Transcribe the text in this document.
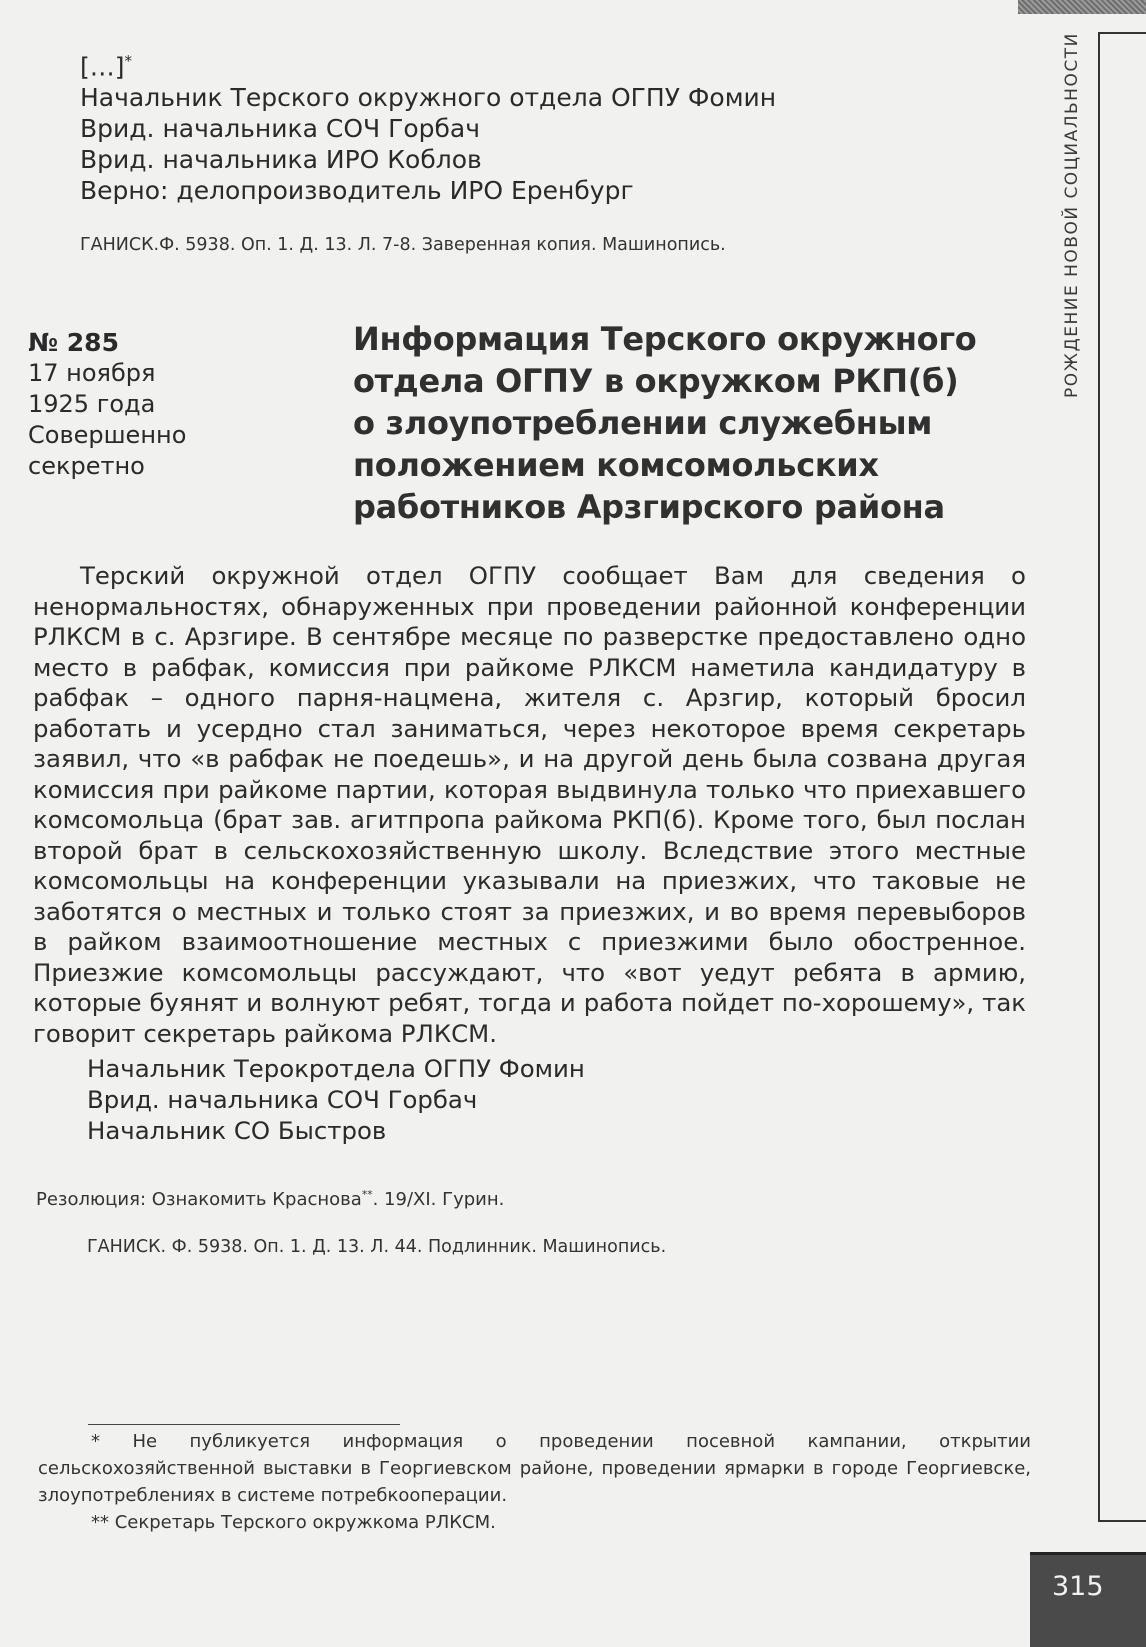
РОЖДЕНИЕ НОВОЙ СОЦИАЛЬНОСТИ
315
[…]*
Начальник Терского окружного отдела ОГПУ Фомин
Врид. начальника СОЧ Горбач
Врид. начальника ИРО Коблов
Верно: делопроизводитель ИРО Еренбург
ГАНИСК.Ф. 5938. Оп. 1. Д. 13. Л. 7-8. Заверенная копия. Машинопись.
№ 285
17 ноября
1925 года
Совершенно
секретно
Информация Терского окружного
отдела ОГПУ в окружком РКП(б)
о злоупотреблении служебным
положением комсомольских
работников Арзгирского района

Терский окружной отдел ОГПУ сообщает Вам для сведения о ненормальностях, обнаруженных при проведении районной конференции РЛКСМ в с. Арзгире. В сентябре месяце по разверстке предоставлено одно место в рабфак, комиссия при райкоме РЛКСМ наметила кандидатуру в рабфак – одного парня-нацмена, жителя с. Арзгир, который бросил работать и усердно стал заниматься, через некоторое время секретарь заявил, что «в рабфак не поедешь», и на другой день была созвана другая комиссия при райкоме партии, которая выдвинула только что приехавшего комсомольца (брат зав. агитпропа райкома РКП(б). Кроме того, был послан второй брат в сельскохозяйственную школу. Вследствие этого местные комсомольцы на конференции указывали на приезжих, что таковые не заботятся о местных и только стоят за приезжих, и во время перевыборов в райком взаимоотношение местных с приезжими было обостренное. Приезжие комсомольцы рассуждают, что «вот уедут ребята в армию, которые буянят и волнуют ребят, тогда и работа пойдет по-хорошему», так говорит секретарь райкома РЛКСМ.

Начальник Терокротдела ОГПУ Фомин
Врид. начальника СОЧ Горбач
Начальник СО Быстров
Резолюция: Ознакомить Краснова**. 19/XI. Гурин.
ГАНИСК. Ф. 5938. Оп. 1. Д. 13. Л. 44. Подлинник. Машинопись.

* Не публикуется информация о проведении посевной кампании, открытии сельскохозяйственной выставки в Георгиевском районе, проведении ярмарки в городе Георгиевске, злоупотреблениях в системе потребкооперации.

** Секретарь Терского окружкома РЛКСМ.
